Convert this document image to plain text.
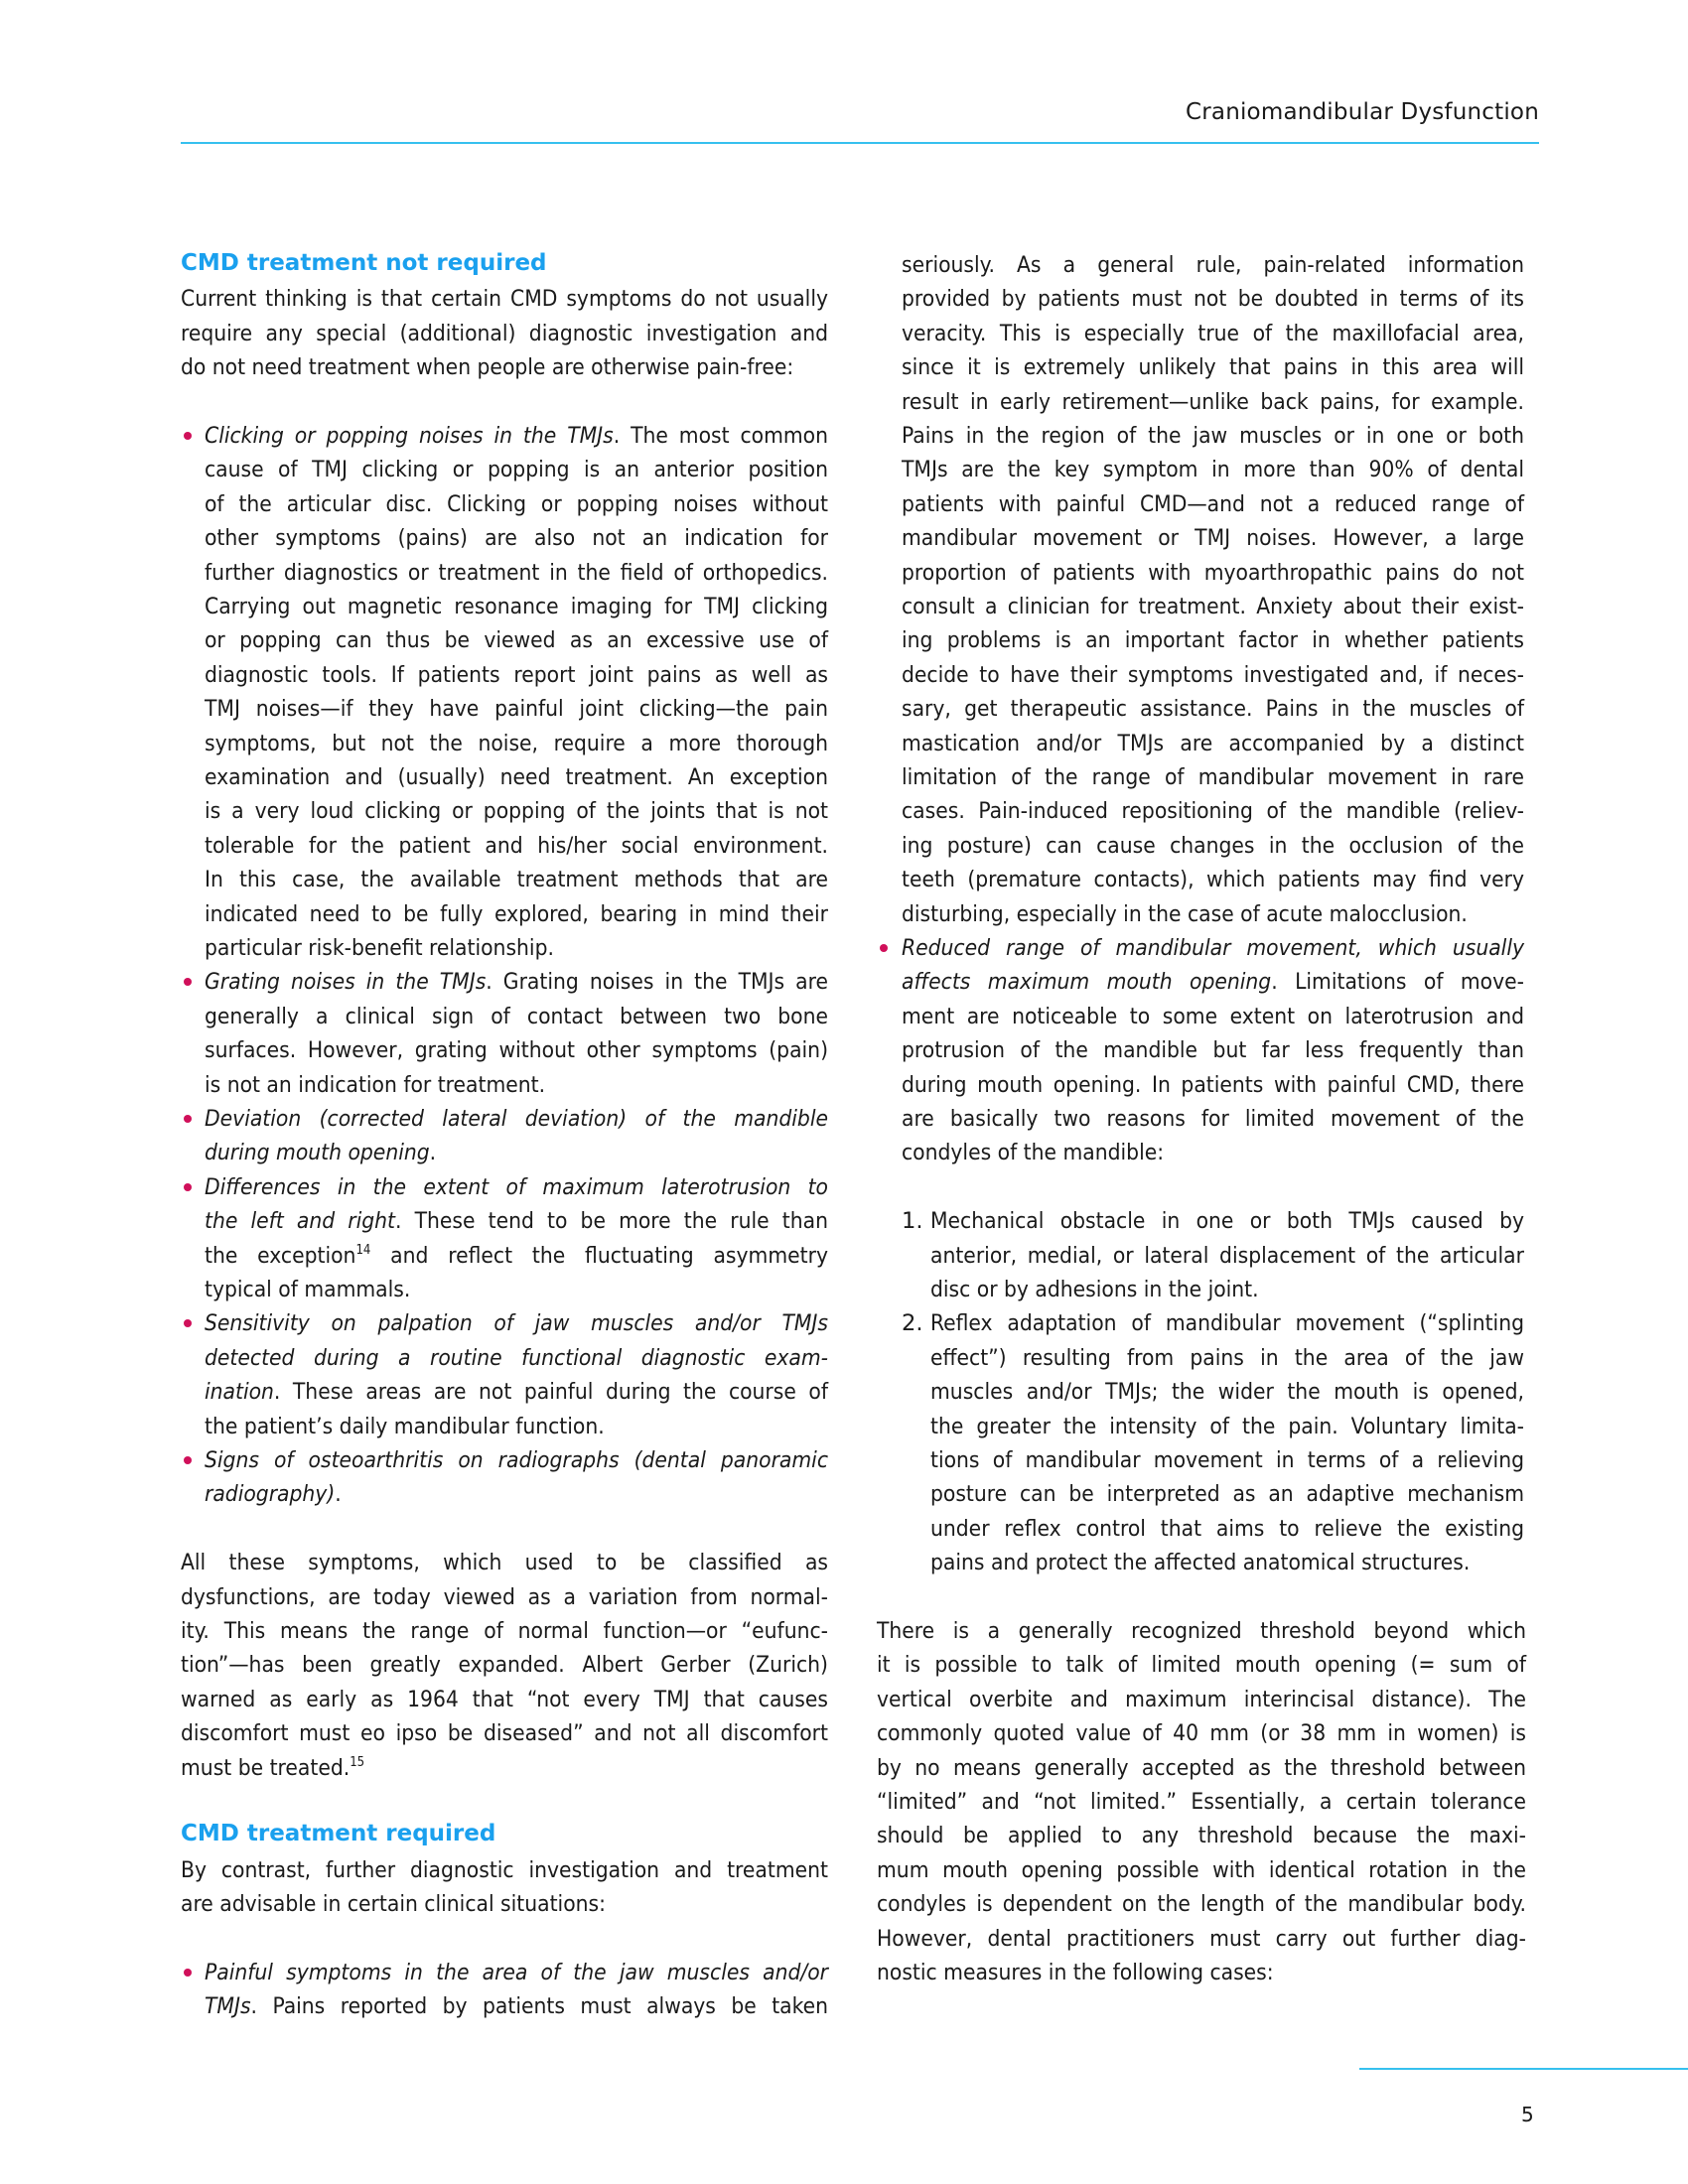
Craniomandibular Dysfunction
CMD treatment not required
Current thinking is that certain CMD symptoms do not usually
require any special (additional) diagnostic investigation and
do not need treatment when people are otherwise pain-free:
Clicking or popping noises in the TMJs. The most common
cause of TMJ clicking or popping is an anterior position
of the articular disc. Clicking or popping noises without
other symptoms (pains) are also not an indication for
further diagnostics or treatment in the field of orthopedics.
Carrying out magnetic resonance imaging for TMJ clicking
or popping can thus be viewed as an excessive use of
diagnostic tools. If patients report joint pains as well as
TMJ noises—if they have painful joint clicking—the pain
symptoms, but not the noise, require a more thorough
examination and (usually) need treatment. An exception
is a very loud clicking or popping of the joints that is not
tolerable for the patient and his/her social environment.
In this case, the available treatment methods that are
indicated need to be fully explored, bearing in mind their
particular risk-benefit relationship.
Grating noises in the TMJs. Grating noises in the TMJs are
generally a clinical sign of contact between two bone
surfaces. However, grating without other symptoms (pain)
is not an indication for treatment.
Deviation (corrected lateral deviation) of the mandible
during mouth opening.
Differences in the extent of maximum laterotrusion to
the left and right. These tend to be more the rule than
the exception$^{14}$ and reflect the fluctuating asymmetry
typical of mammals.
Sensitivity on palpation of jaw muscles and/or TMJs
detected during a routine functional diagnostic exam-
ination. These areas are not painful during the course of
the patient’s daily mandibular function.
Signs of osteoarthritis on radiographs (dental panoramic
radiography).
All these symptoms, which used to be classified as
dysfunctions, are today viewed as a variation from normal-
ity. This means the range of normal function—or “eufunc-
tion”—has been greatly expanded. Albert Gerber (Zurich)
warned as early as 1964 that “not every TMJ that causes
discomfort must eo ipso be diseased” and not all discomfort
must be treated.$^{15}$
CMD treatment required
By contrast, further diagnostic investigation and treatment
are advisable in certain clinical situations:
Painful symptoms in the area of the jaw muscles and/or
TMJs. Pains reported by patients must always be taken
seriously. As a general rule, pain-related information
provided by patients must not be doubted in terms of its
veracity. This is especially true of the maxillofacial area,
since it is extremely unlikely that pains in this area will
result in early retirement—unlike back pains, for example.
Pains in the region of the jaw muscles or in one or both
TMJs are the key symptom in more than 90% of dental
patients with painful CMD—and not a reduced range of
mandibular movement or TMJ noises. However, a large
proportion of patients with myoarthropathic pains do not
consult a clinician for treatment. Anxiety about their exist-
ing problems is an important factor in whether patients
decide to have their symptoms investigated and, if neces-
sary, get therapeutic assistance. Pains in the muscles of
mastication and/or TMJs are accompanied by a distinct
limitation of the range of mandibular movement in rare
cases. Pain-induced repositioning of the mandible (reliev-
ing posture) can cause changes in the occlusion of the
teeth (premature contacts), which patients may find very
disturbing, especially in the case of acute malocclusion.
Reduced range of mandibular movement, which usually
affects maximum mouth opening. Limitations of move-
ment are noticeable to some extent on laterotrusion and
protrusion of the mandible but far less frequently than
during mouth opening. In patients with painful CMD, there
are basically two reasons for limited movement of the
condyles of the mandible:
1. Mechanical obstacle in one or both TMJs caused by
anterior, medial, or lateral displacement of the articular
disc or by adhesions in the joint.
2. Reflex adaptation of mandibular movement (“splinting
effect”) resulting from pains in the area of the jaw
muscles and/or TMJs; the wider the mouth is opened,
the greater the intensity of the pain. Voluntary limita-
tions of mandibular movement in terms of a relieving
posture can be interpreted as an adaptive mechanism
under reflex control that aims to relieve the existing
pains and protect the affected anatomical structures.
There is a generally recognized threshold beyond which
it is possible to talk of limited mouth opening (= sum of
vertical overbite and maximum interincisal distance). The
commonly quoted value of 40 mm (or 38 mm in women) is
by no means generally accepted as the threshold between
“limited” and “not limited.” Essentially, a certain tolerance
should be applied to any threshold because the maxi-
mum mouth opening possible with identical rotation in the
condyles is dependent on the length of the mandibular body.
However, dental practitioners must carry out further diag-
nostic measures in the following cases:
5
